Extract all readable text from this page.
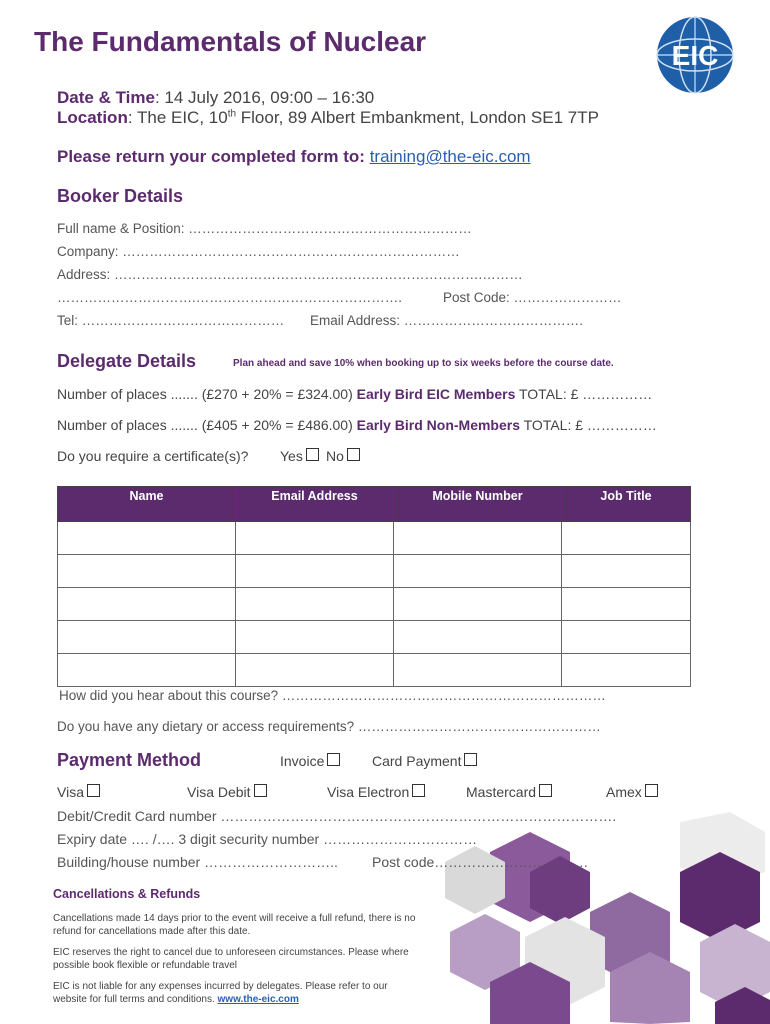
The Fundamentals of Nuclear	EIC
Date & Time: 14 July 2016, 09:00 – 16:30
Location: The EIC, 10th Floor, 89 Albert Embankment, London SE1 7TP
Please return your completed form to: training@the-eic.com
Booker Details
Full name & Position: ………………………………………………………
Company: …………………………………………………………………
Address: ……………………………………………………………………….………
………………………….……………………………………….	Post Code: ……………………
Tel: ……………………………………… Email Address: ………………………………….
Delegate Details	Plan ahead and save 10% when booking up to six weeks before the course date.
Number of places ....... (£270 + 20% = £324.00) Early Bird EIC Members TOTAL: £ ……………
Number of places ....... (£405 + 20% = £486.00) Early Bird Non-Members TOTAL: £ ……………
Do you require a certificate(s)? Yes	No
Name	Email Address	Mobile Number	Job Title

How did you hear about this course? ………………………………………………………………
Do you have any dietary or access requirements? ………………………………………………
Payment Method	Invoice	Card Payment
Visa	Visa Debit	Visa Electron	Mastercard	Amex
Debit/Credit Card number ………………………………………………………………………….
Expiry date …. /…. 3 digit security number ……………………………
Building/house number ……………………….. Post code……………………………
Cancellations & Refunds
Cancellations made 14 days prior to the event will receive a full refund, there is no refund for cancellations made after this date.
EIC reserves the right to cancel due to unforeseen circumstances. Please where possible book flexible or refundable travel
EIC is not liable for any expenses incurred by delegates. Please refer to our website for full terms and conditions. www.the-eic.com
